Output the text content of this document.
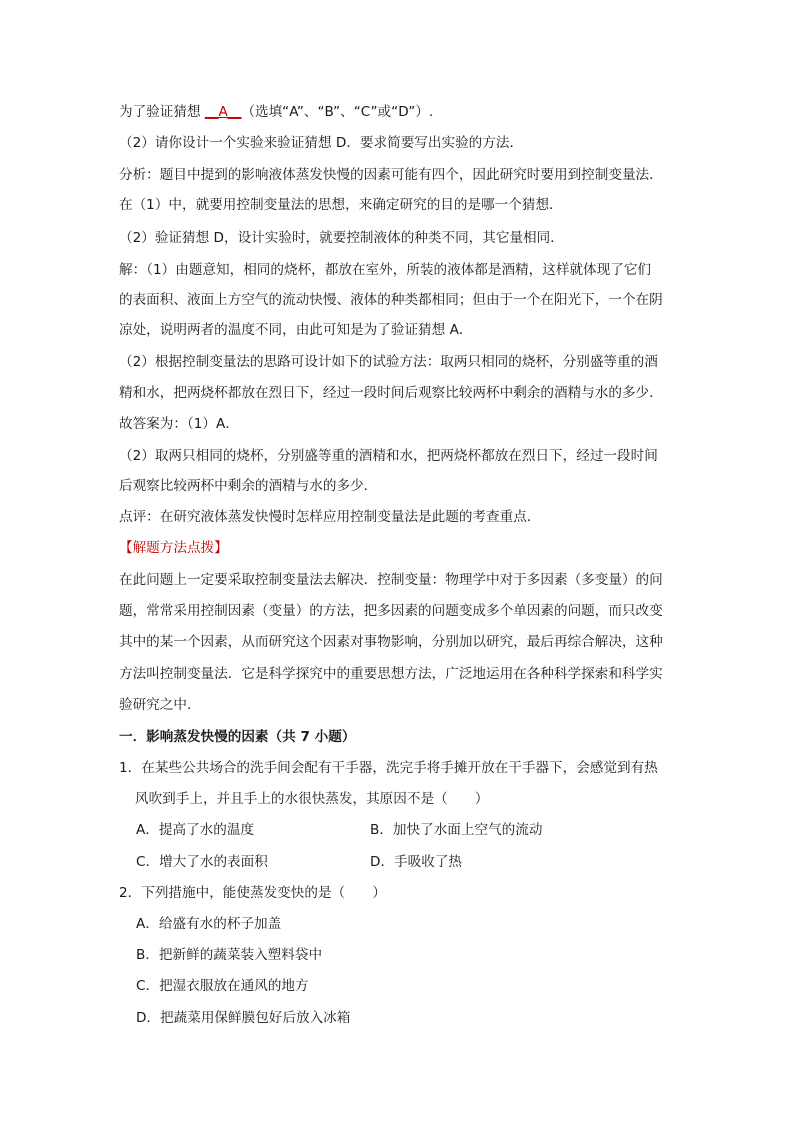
为了验证猜想 __A__（选填“A”、“B”、“C”或“D”）.
（2）请你设计一个实验来验证猜想 D．要求简要写出实验的方法．
分析：题目中提到的影响液体蒸发快慢的因素可能有四个，因此研究时要用到控制变量法．
在（1）中，就要用控制变量法的思想，来确定研究的目的是哪一个猜想．
（2）验证猜想 D，设计实验时，就要控制液体的种类不同，其它量相同．
解：（1）由题意知，相同的烧杯，都放在室外，所装的液体都是酒精，这样就体现了它们
的表面积、液面上方空气的流动快慢、液体的种类都相同；但由于一个在阳光下，一个在阴
凉处，说明两者的温度不同，由此可知是为了验证猜想 A．
（2）根据控制变量法的思路可设计如下的试验方法：取两只相同的烧杯，分别盛等重的酒
精和水，把两烧杯都放在烈日下，经过一段时间后观察比较两杯中剩余的酒精与水的多少．
故答案为：（1）A．
（2）取两只相同的烧杯，分别盛等重的酒精和水，把两烧杯都放在烈日下，经过一段时间
后观察比较两杯中剩余的酒精与水的多少．
点评：在研究液体蒸发快慢时怎样应用控制变量法是此题的考查重点．
【解题方法点拨】
在此问题上一定要采取控制变量法去解决．控制变量：物理学中对于多因素（多变量）的问
题，常常采用控制因素（变量）的方法，把多因素的问题变成多个单因素的问题，而只改变
其中的某一个因素，从而研究这个因素对事物影响，分别加以研究，最后再综合解决，这种
方法叫控制变量法．它是科学探究中的重要思想方法，广泛地运用在各种科学探索和科学实
验研究之中．
一．影响蒸发快慢的因素（共 7 小题）
1．在某些公共场合的洗手间会配有干手器，洗完手将手摊开放在干手器下，会感觉到有热
风吹到手上，并且手上的水很快蒸发，其原因不是（　　）
A．提高了水的温度	B．加快了水面上空气的流动
C．增大了水的表面积	D．手吸收了热
2．下列措施中，能使蒸发变快的是（　　）
A．给盛有水的杯子加盖
B．把新鲜的蔬菜装入塑料袋中
C．把湿衣服放在通风的地方
D．把蔬菜用保鲜膜包好后放入冰箱
